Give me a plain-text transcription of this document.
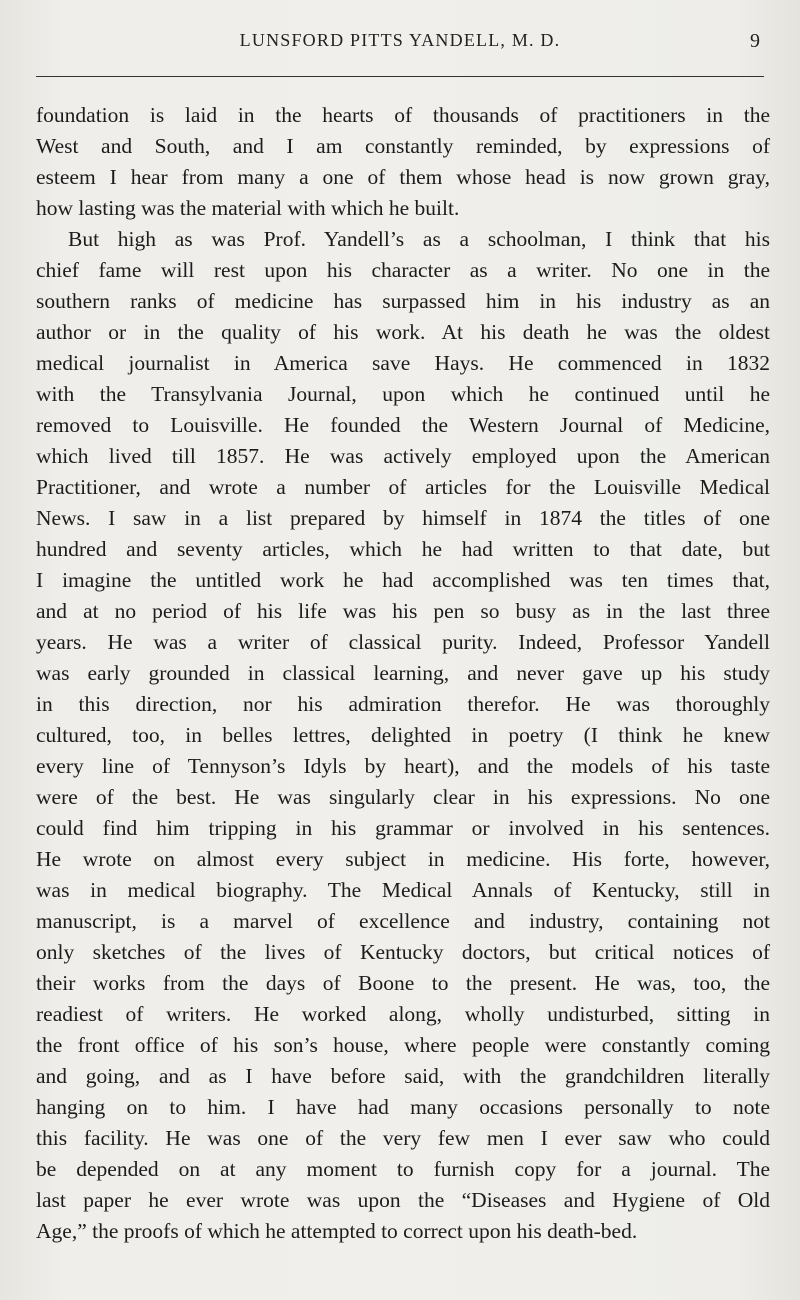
LUNSFORD PITTS YANDELL, M. D.	9
foundation is laid in the hearts of thousands of practitioners in the
West and South, and I am constantly reminded, by expressions of
esteem I hear from many a one of them whose head is now grown gray,
how lasting was the material with which he built.
But high as was Prof. Yandell’s as a schoolman, I think that his
chief fame will rest upon his character as a writer. No one in the
southern ranks of medicine has surpassed him in his industry as an
author or in the quality of his work. At his death he was the oldest
medical journalist in America save Hays. He commenced in 1832
with the Transylvania Journal, upon which he continued until he
removed to Louisville. He founded the Western Journal of Medicine,
which lived till 1857. He was actively employed upon the American
Practitioner, and wrote a number of articles for the Louisville Medical
News. I saw in a list prepared by himself in 1874 the titles of one
hundred and seventy articles, which he had written to that date, but
I imagine the untitled work he had accomplished was ten times that,
and at no period of his life was his pen so busy as in the last three
years. He was a writer of classical purity. Indeed, Professor Yandell
was early grounded in classical learning, and never gave up his study
in this direction, nor his admiration therefor. He was thoroughly
cultured, too, in belles lettres, delighted in poetry (I think he knew
every line of Tennyson’s Idyls by heart), and the models of his taste
were of the best. He was singularly clear in his expressions. No one
could find him tripping in his grammar or involved in his sentences.
He wrote on almost every subject in medicine. His forte, however,
was in medical biography. The Medical Annals of Kentucky, still in
manuscript, is a marvel of excellence and industry, containing not
only sketches of the lives of Kentucky doctors, but critical notices of
their works from the days of Boone to the present. He was, too, the
readiest of writers. He worked along, wholly undisturbed, sitting in
the front office of his son’s house, where people were constantly coming
and going, and as I have before said, with the grandchildren literally
hanging on to him. I have had many occasions personally to note
this facility. He was one of the very few men I ever saw who could
be depended on at any moment to furnish copy for a journal. The
last paper he ever wrote was upon the “Diseases and Hygiene of Old
Age,” the proofs of which he attempted to correct upon his death-bed.
